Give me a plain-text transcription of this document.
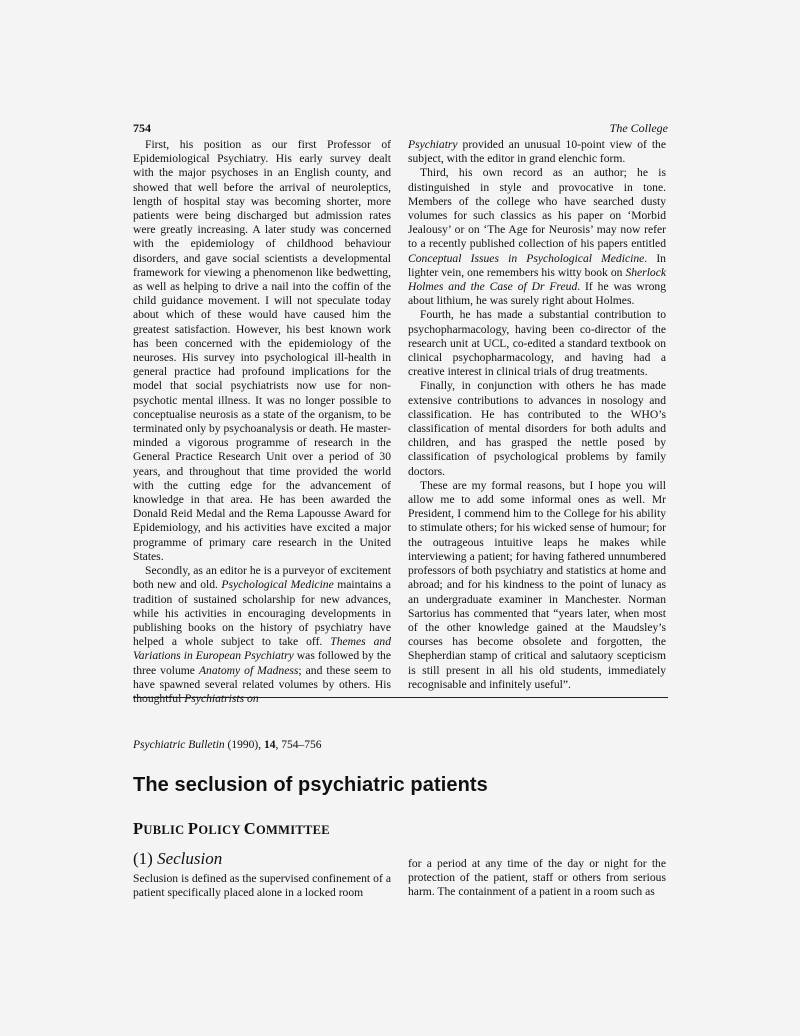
754	The College

First, his position as our first Professor of Epidemiological Psychiatry. His early survey dealt with the major psychoses in an English county, and showed that well before the arrival of neuroleptics, length of hospital stay was becoming shorter, more patients were being discharged but admission rates were greatly increasing. A later study was concerned with the epidemiology of childhood behaviour disorders, and gave social scientists a developmental framework for viewing a phenomenon like bedwetting, as well as helping to drive a nail into the coffin of the child guidance movement. I will not speculate today about which of these would have caused him the greatest satisfaction. However, his best known work has been concerned with the epidemiology of the neuroses. His survey into psychological ill-health in general practice had profound implications for the model that social psychiatrists now use for non-psychotic mental illness. It was no longer possible to conceptualise neurosis as a state of the organism, to be terminated only by psychoanalysis or death. He master-minded a vigorous programme of research in the General Practice Research Unit over a period of 30 years, and throughout that time provided the world with the cutting edge for the advancement of knowledge in that area. He has been awarded the Donald Reid Medal and the Rema Lapousse Award for Epidemiology, and his activities have excited a major programme of primary care research in the United States.

Secondly, as an editor he is a purveyor of excitement both new and old. Psychological Medicine maintains a tradition of sustained scholarship for new advances, while his activities in encouraging developments in publishing books on the history of psychiatry have helped a whole subject to take off. Themes and Variations in European Psychiatry was followed by the three volume Anatomy of Madness; and these seem to have spawned several related volumes by others. His thoughtful Psychiatrists on

Psychiatry provided an unusual 10-point view of the subject, with the editor in grand elenchic form.

Third, his own record as an author; he is distinguished in style and provocative in tone. Members of the college who have searched dusty volumes for such classics as his paper on ‘Morbid Jealousy’ or on ‘The Age for Neurosis’ may now refer to a recently published collection of his papers entitled Conceptual Issues in Psychological Medicine. In lighter vein, one remembers his witty book on Sherlock Holmes and the Case of Dr Freud. If he was wrong about lithium, he was surely right about Holmes.

Fourth, he has made a substantial contribution to psychopharmacology, having been co-director of the research unit at UCL, co-edited a standard textbook on clinical psychopharmacology, and having had a creative interest in clinical trials of drug treatments.

Finally, in conjunction with others he has made extensive contributions to advances in nosology and classification. He has contributed to the WHO’s classification of mental disorders for both adults and children, and has grasped the nettle posed by classification of psychological problems by family doctors.

These are my formal reasons, but I hope you will allow me to add some informal ones as well. Mr President, I commend him to the College for his ability to stimulate others; for his wicked sense of humour; for the outrageous intuitive leaps he makes while interviewing a patient; for having fathered unnumbered professors of both psychiatry and statistics at home and abroad; and for his kindness to the point of lunacy as an undergraduate examiner in Manchester. Norman Sartorius has commented that “years later, when most of the other knowledge gained at the Maudsley’s courses has become obsolete and forgotten, the Shepherdian stamp of critical and salutaory scepticism is still present in all his old students, immediately recognisable and infinitely useful”.

Psychiatric Bulletin (1990), 14, 754–756
The seclusion of psychiatric patients
PUBLIC POLICY COMMITTEE
(1) Seclusion

Seclusion is defined as the supervised confinement of a patient specifically placed alone in a locked room

for a period at any time of the day or night for the protection of the patient, staff or others from serious harm. The containment of a patient in a room such as
